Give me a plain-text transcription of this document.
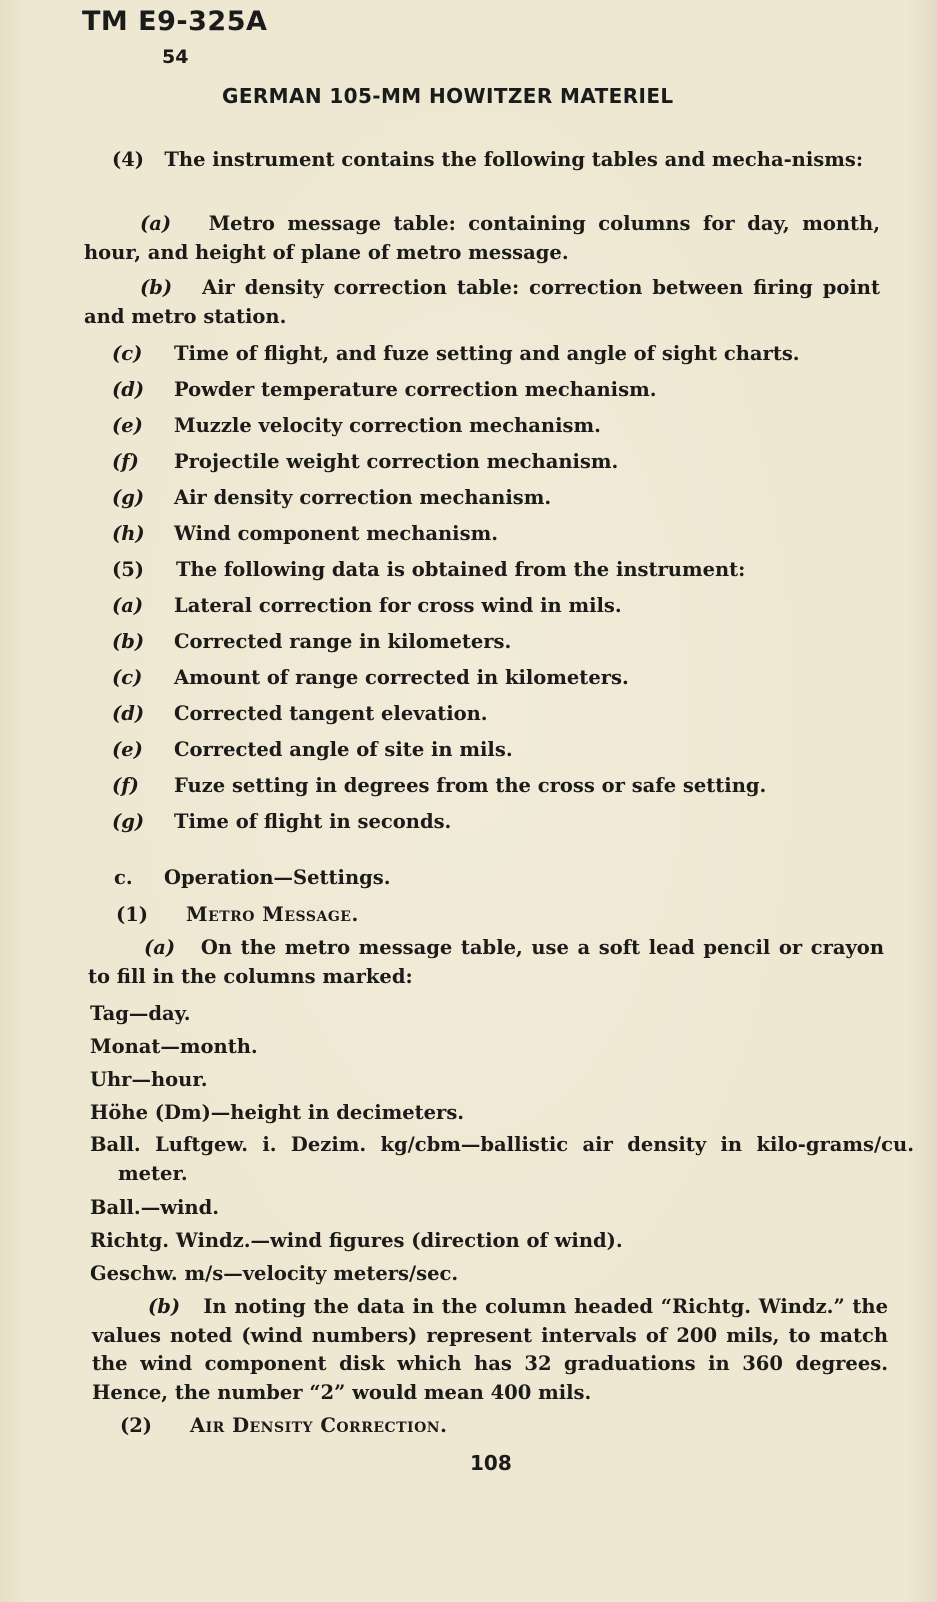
TM E9-325A
54
GERMAN 105-MM HOWITZER MATERIEL
(4) The instrument contains the following tables and mecha-nisms:
(a) Metro message table: containing columns for day, month, hour, and height of plane of metro message.
(b) Air density correction table: correction between firing point and metro station.
(c) Time of flight, and fuze setting and angle of sight charts.
(d) Powder temperature correction mechanism.
(e) Muzzle velocity correction mechanism.
(f) Projectile weight correction mechanism.
(g) Air density correction mechanism.
(h) Wind component mechanism.
(5) The following data is obtained from the instrument:
(a) Lateral correction for cross wind in mils.
(b) Corrected range in kilometers.
(c) Amount of range corrected in kilometers.
(d) Corrected tangent elevation.
(e) Corrected angle of site in mils.
(f) Fuze setting in degrees from the cross or safe setting.
(g) Time of flight in seconds.
c. Operation—Settings.
(1) Metro Message.
(a) On the metro message table, use a soft lead pencil or crayon to fill in the columns marked:
Tag—day.
Monat—month.
Uhr—hour.
Höhe (Dm)—height in decimeters.
Ball. Luftgew. i. Dezim. kg/cbm—ballistic air density in kilo-grams/cu. meter.
Ball.—wind.
Richtg. Windz.—wind figures (direction of wind).
Geschw. m/s—velocity meters/sec.
(b) In noting the data in the column headed “Richtg. Windz.” the values noted (wind numbers) represent intervals of 200 mils, to match the wind component disk which has 32 graduations in 360 degrees. Hence, the number “2” would mean 400 mils.
(2) Air Density Correction.
108
